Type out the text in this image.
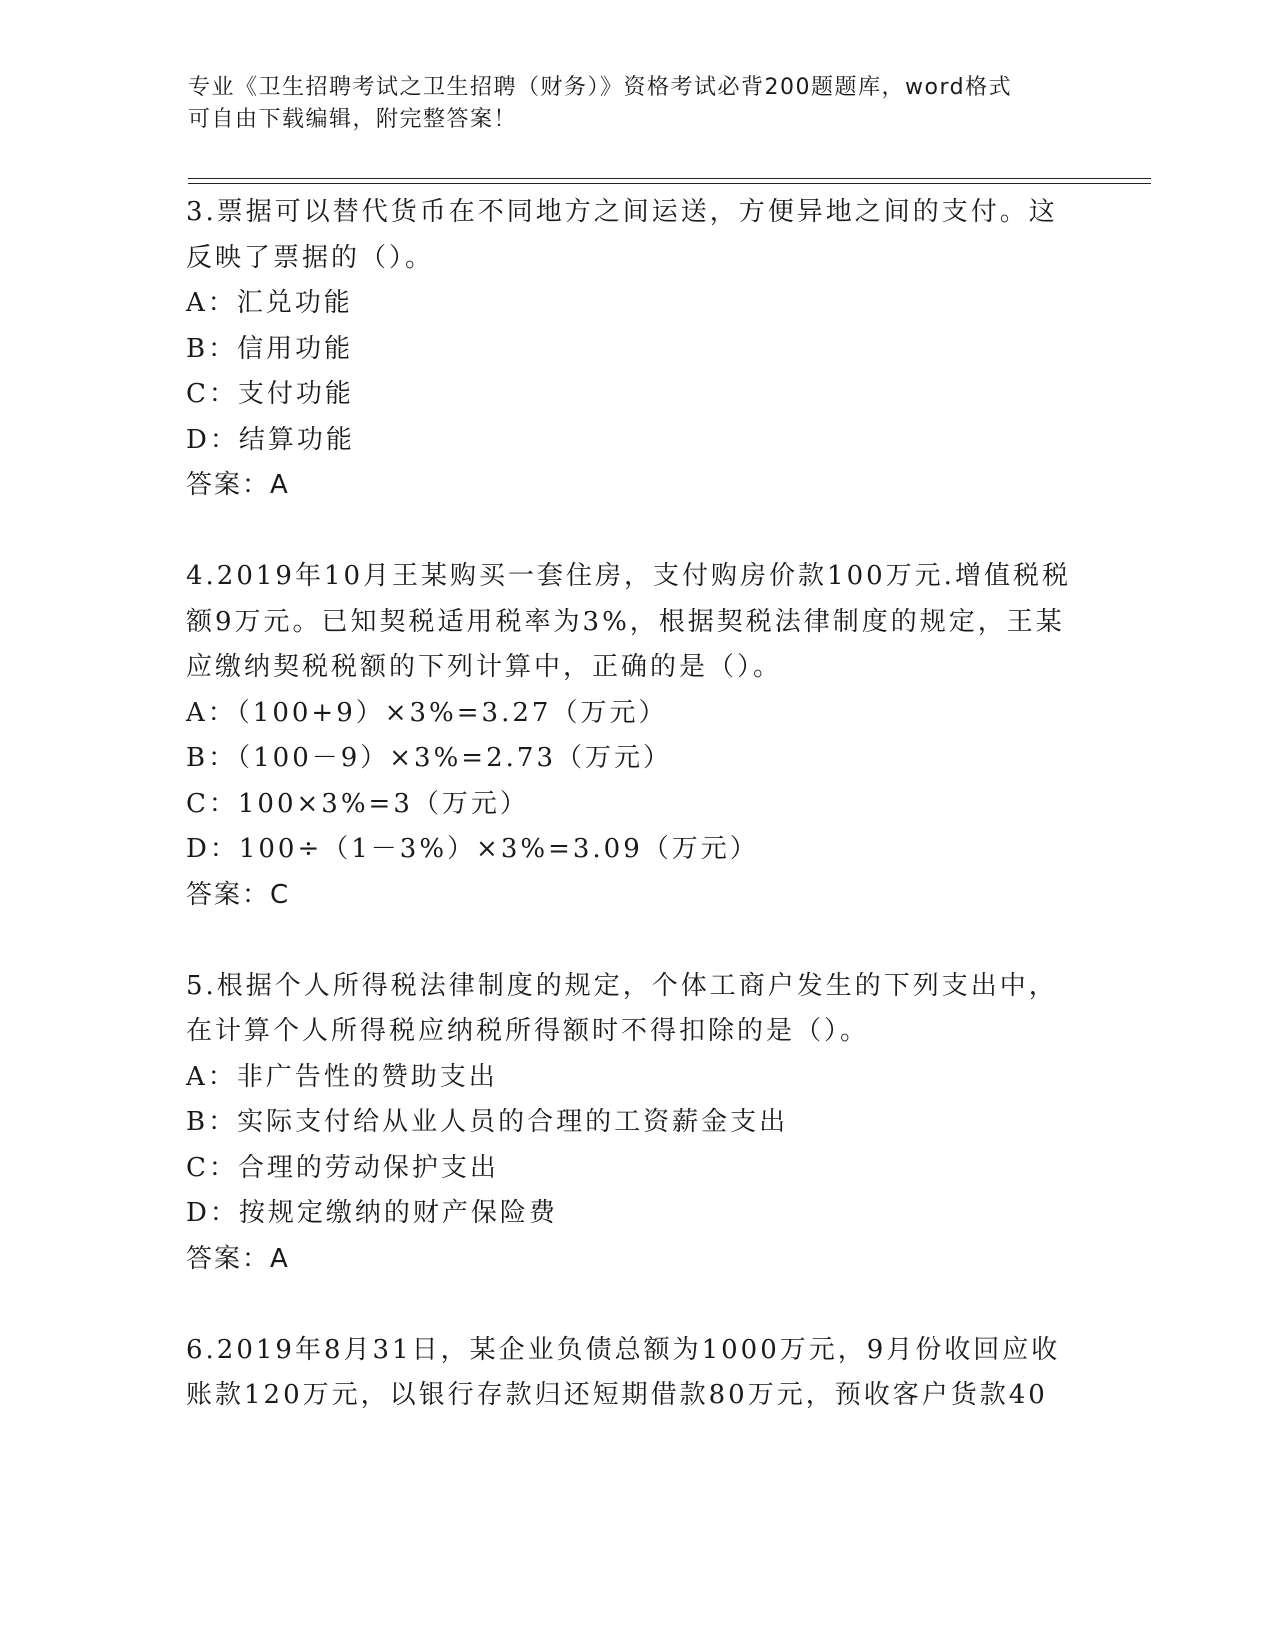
专业《卫生招聘考试之卫生招聘（财务）》资格考试必背200题题库，word格式
可自由下载编辑，附完整答案！
3.票据可以替代货币在不同地方之间运送，方便异地之间的支付。这
反映了票据的（）。
A：汇兑功能
B：信用功能
C：支付功能
D：结算功能
答案：A
4.2019年10月王某购买一套住房，支付购房价款100万元.增值税税
额9万元。已知契税适用税率为3%，根据契税法律制度的规定，王某
应缴纳契税税额的下列计算中，正确的是（）。
A：（100+9）×3%=3.27（万元）
B：（100－9）×3%=2.73（万元）
C：100×3%=3（万元）
D：100÷（1－3%）×3%=3.09（万元）
答案：C
5.根据个人所得税法律制度的规定，个体工商户发生的下列支出中，
在计算个人所得税应纳税所得额时不得扣除的是（）。
A：非广告性的赞助支出
B：实际支付给从业人员的合理的工资薪金支出
C：合理的劳动保护支出
D：按规定缴纳的财产保险费
答案：A
6.2019年8月31日，某企业负债总额为1000万元，9月份收回应收
账款120万元，以银行存款归还短期借款80万元，预收客户货款40
